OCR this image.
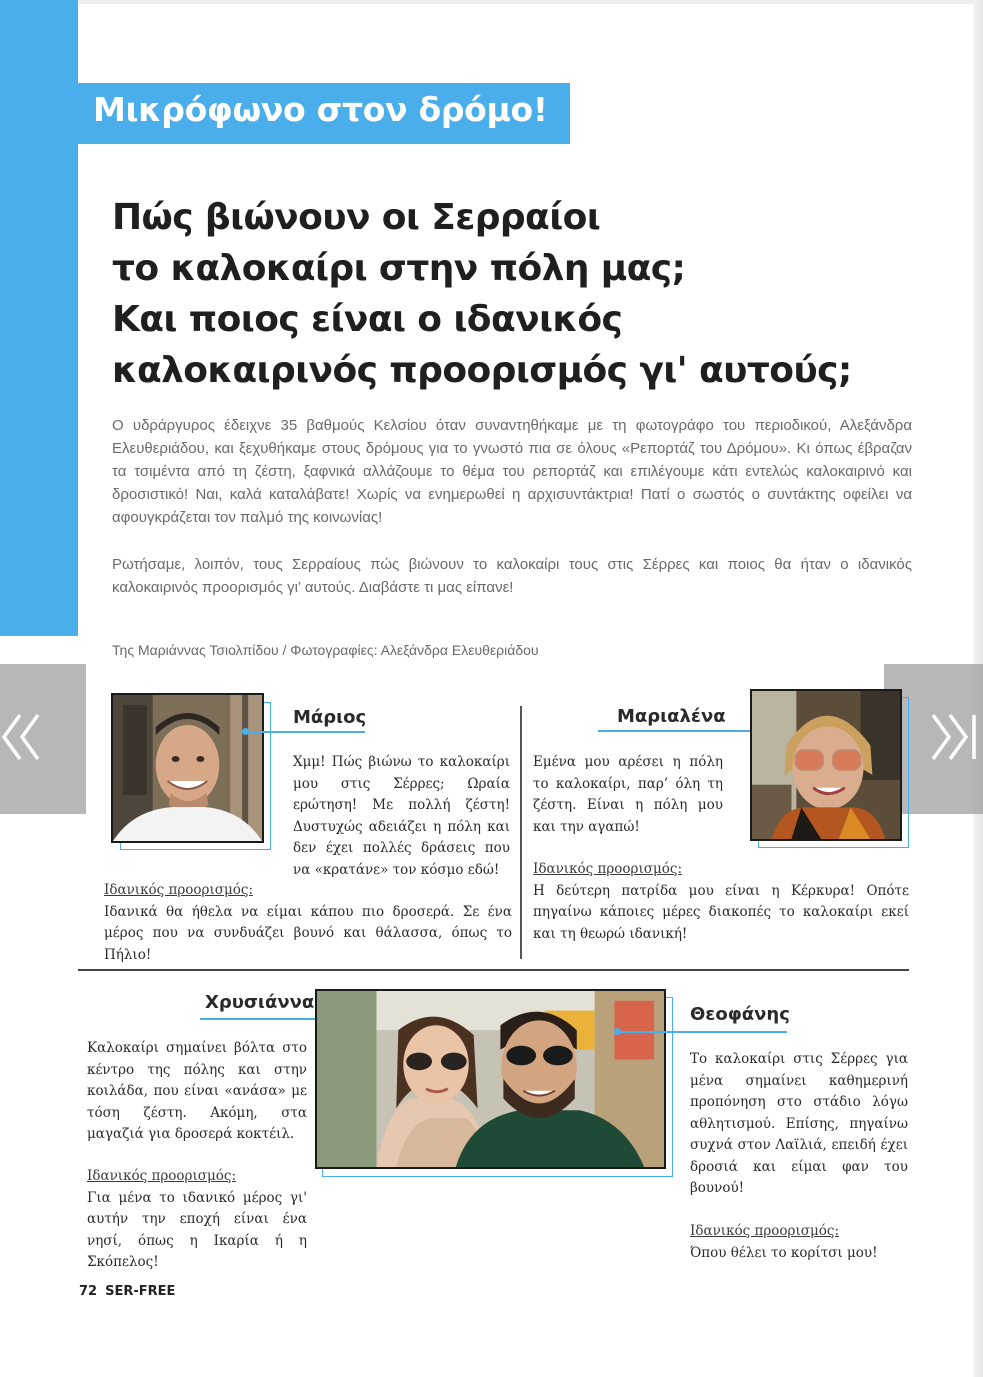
Μικρόφωνο στον δρόμο!
Πώς βιώνουν οι Σερραίοι
το καλοκαίρι στην πόλη μας;
Και ποιος είναι ο ιδανικός
καλοκαιρινός προορισμός γι' αυτούς;

Ο υδράργυρος έδειχνε 35 βαθμούς Κελσίου όταν συναντηθήκαμε με τη φωτογράφο του περιοδικού, Αλεξάνδρα Ελευθεριάδου, και ξεχυθήκαμε στους δρόμους για το γνωστό πια σε όλους «Ρεπορτάζ του Δρόμου». Κι όπως έβραζαν τα τσιμέντα από τη ζέστη, ξαφνικά αλλάζουμε το θέμα του ρεπορτάζ και επιλέγουμε κάτι εντελώς καλοκαιρινό και δροσιστικό! Ναι, καλά καταλάβατε! Χωρίς να ενημερωθεί η αρχισυντάκτρια! Πατί ο σωστός ο συντάκτης οφείλει να αφουγκράζεται τον παλμό της κοινωνίας!

Ρωτήσαμε, λοιπόν, τους Σερραίους πώς βιώνουν το καλοκαίρι τους στις Σέρρες και ποιος θα ήταν ο ιδανικός καλοκαιρινός προορισμός γι’ αυτούς. Διαβάστε τι μας είπανε!

Της Μαριάννας Τσιολπίδου / Φωτογραφίες: Αλεξάνδρα Ελευθεριάδου
Μάριος

Χμμ! Πώς βιώνω το καλοκαίρι μου στις Σέρρες; Ωραία ερώτηση! Με πολλή ζέστη! Δυστυχώς αδειάζει η πόλη και δεν έχει πολλές δράσεις που να «κρατάνε» τον κόσμο εδώ!

Ιδανικός προορισμός:
Ιδανικά θα ήθελα να είμαι κάπου πιο δροσερά. Σε ένα μέρος που να συνδυάζει βουνό και θάλασσα, όπως το Πήλιο!
Μαριαλένα

Εμένα μου αρέσει η πόλη το καλοκαίρι, παρ’ όλη τη ζέστη. Είναι η πόλη μου και την αγαπώ!

Ιδανικός προορισμός:
Η δεύτερη πατρίδα μου είναι η Κέρκυρα! Οπότε πηγαίνω κάποιες μέρες διακοπές το καλοκαίρι εκεί και τη θεωρώ ιδανική!
Χρυσιάννα

Καλοκαίρι σημαίνει βόλτα στο κέντρο της πόλης και στην κοιλάδα, που είναι «ανάσα» με τόση ζέστη. Ακόμη, στα μαγαζιά για δροσερά κοκτέιλ.

Ιδανικός προορισμός:
Για μένα το ιδανικό μέρος γι' αυτήν την εποχή είναι ένα νησί, όπως η Ικαρία ή η Σκόπελος!
Θεοφάνης

Το καλοκαίρι στις Σέρρες για μένα σημαίνει καθημερινή προπόνηση στο στάδιο λόγω αθλητισμού. Επίσης, πηγαίνω συχνά στον Λαϊλιά, επειδή έχει δροσιά και είμαι φαν του βουνού!

Ιδανικός προορισμός:
Όπου θέλει το κορίτσι μου!
72 SER-FREE
